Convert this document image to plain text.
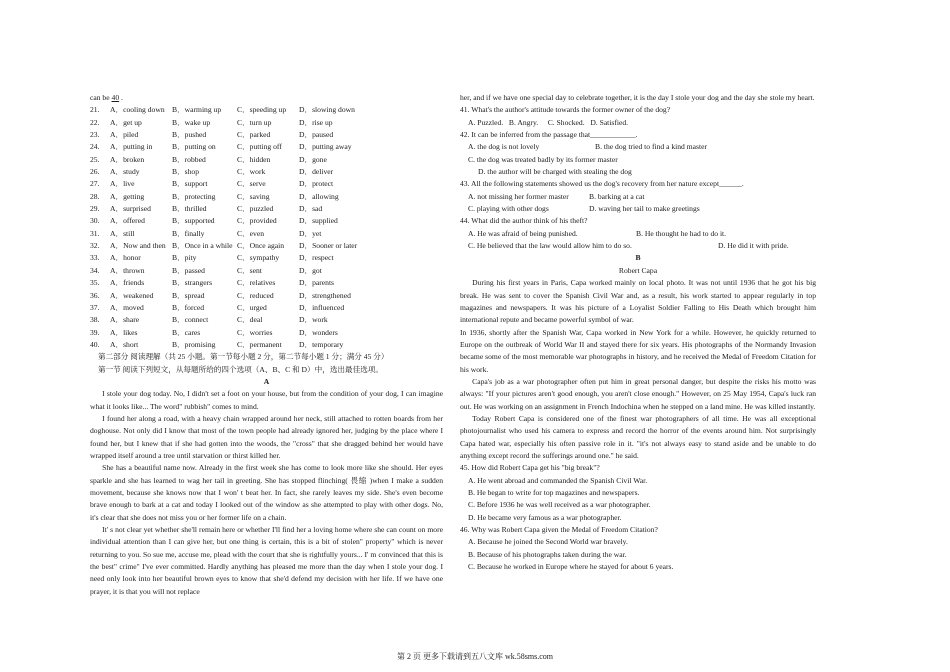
can be 40 .
21. A．cooling down B．warming up C．speeding up D．slowing down
22. A．get up	B．wake up	C．turn up	D．rise up
23. A．piled	B．pushed	C．parked	D．paused
24. A．putting in	B．putting on	C．putting off D．putting away
25. A．broken	B．robbed	C．hidden	D．gone
26. A．study	B．shop	C．work	D．deliver
27. A．live	B．support	C．serve	D．protect
28. A．getting	B．protecting	C．saving	D．allowing
29. A．surprised	B．thrilled	C．puzzled	D．sad
30. A．offered	B．supported	C．provided	D．supplied
31. A．still	B．finally	C．even	D．yet
32. A．Now and then B．Once in a while C．Once again D．Sooner or later
33. A．honor	B．pity	C．sympathy	D．respect
34. A．thrown	B．passed	C．sent	D．got
35. A．friends	B．strangers	C．relatives	D．parents
36. A．weakened B．spread	C．reduced	D．strengthened
37. A．moved	B．forced	C．urged	D．influenced
38. A．share	B．connect	C．deal	D．work
39. A．likes	B．cares	C．worries	D．wonders
40. A．short	B．promising	C．permanent D．temporary
第二部分 阅读理解（共 25 小题。第一节每小题 2 分，第二节每小题 1 分；满分 45 分）
第一节 阅读下列短文，从每题所给的四个选项（A、B、C 和 D）中，选出最佳选项。
A
I stole your dog today. No, I didn't set a foot on your house, but from the condition of your dog, I can imagine what it looks like... The word" rubbish" comes to mind.
I found her along a road, with a heavy chain wrapped around her neck, still attached to rotten boards from her doghouse. Not only did I know that most of the town people had already ignored her, judging by the place where I found her, but I knew that if she had gotten into the woods, the "cross" that she dragged behind her would have wrapped itself around a tree until starvation or thirst killed her.
She has a beautiful name now. Already in the first week she has come to look more like she should. Her eyes sparkle and she has learned to wag her tail in greeting. She has stopped flinching( 畏缩 )when I make a sudden movement, because she knows now that I won' t beat her. In fact, she rarely leaves my side. She's even become brave enough to bark at a cat and today I looked out of the window as she attempted to play with other dogs. No, it's clear that she does not miss you or her former life on a chain.
It' s not clear yet whether she'll remain here or whether I'll find her a loving home where she can count on more individual attention than I can give her, but one thing is certain, this is a bit of stolen" property" which is never returning to you. So sue me, accuse me, plead with the court that she is rightfully yours... I' m convinced that this is the best" crime" I've ever committed. Hardly anything has pleased me more than the day when I stole your dog. I need only look into her beautiful brown eyes to know that she'd defend my decision with her life. If we have one prayer, it is that you will not replace
her, and if we have one special day to celebrate together, it is the day I stole your dog and the day she stole my heart.
41. What's the author's attitude towards the former owner of the dog?
A. Puzzled. B. Angry. C. Shocked. D. Satisfied.
42. It can be inferred from the passage that____________.
A. the dog is not lovely	B. the dog tried to find a kind master
C. the dog was treated badly by its former master
D. the author will be charged with stealing the dog
43. All the following statements showed us the dog's recovery from her nature except______.
A. not missing her former master	B. barking at a cat
C. playing with other dogs	D. waving her tail to make greetings
44. What did the author think of his theft?
A. He was afraid of being punished.	B. He thought he had to do it.
C. He believed that the law would allow him to do so.	D. He did it with pride.
B
Robert Capa
During his first years in Paris, Capa worked mainly on local photo. It was not until 1936 that he got his big break. He was sent to cover the Spanish Civil War and, as a result, his work started to appear regularly in top magazines and newspapers. It was his picture of a Loyalist Soldier Falling to His Death which brought him international repute and became powerful symbol of war.
In 1936, shortly after the Spanish War, Capa worked in New York for a while. However, he quickly returned to Europe on the outbreak of World War II and stayed there for six years. His photographs of the Normandy Invasion became some of the most memorable war photographs in history, and he received the Medal of Freedom Citation for his work.
Capa's job as a war photographer often put him in great personal danger, but despite the risks his motto was always: "If your pictures aren't good enough, you aren't close enough." However, on 25 May 1954, Capa's luck ran out. He was working on an assignment in French Indochina when he stepped on a land mine. He was killed instantly.
Today Robert Capa is considered one of the finest war photographers of all time. He was all exceptional photojournalist who used his camera to express and record the horror of the events around him. Not surprisingly Capa hated war, especially his often passive role in it. "it's not always easy to stand aside and be unable to do anything except record the sufferings around one." he said.
45. How did Robert Capa get his "big break"?
A. He went abroad and commanded the Spanish Civil War.
B. He began to write for top magazines and newspapers.
C. Before 1936 he was well received as a war photographer.
D. He became very famous as a war photographer.
46. Why was Robert Capa given the Medal of Freedom Citation?
A. Because he joined the Second World war bravely.
B. Because of his photographs taken during the war.
C. Because he worked in Europe where he stayed for about 6 years.
第 2 页 更多下载请到五八文库 wk.58sms.com
